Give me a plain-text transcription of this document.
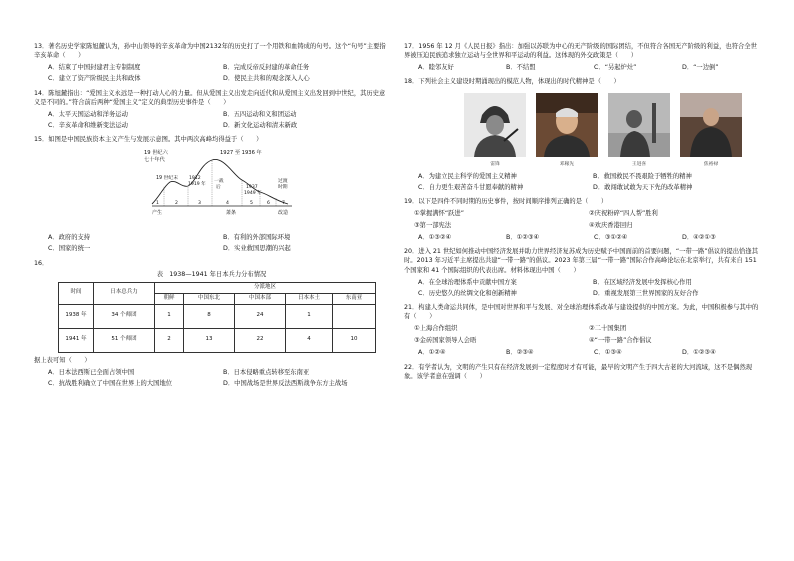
13．著名历史学家陈旭麓认为，孙中山领导的辛亥革命为中国2132年的历史打了一个用铁和血铸成的句号。这个“句号”主要指辛亥革命（　　）
A．结束了中国封建君主专制制度	B．完成反帝反封建的革命任务
C．建立了资产阶级民主共和政体	D．使民主共和的观念深入人心
14．陈旭麓指出：“爱国主义永远是一种打动人心的力量。但从爱国主义出发走向近代和从爱国主义出发回到中世纪，其历史意义是不同的。”符合前后两种“爱国主义”定义的典型历史事件是（　　）
A．太平天国运动和洋务运动	B．五四运动和义和团运动
C．辛亥革命和维新变法运动	D．新文化运动和清末新政
15．如图是中国民族资本主义产生与发展示意图。其中两次高峰均得益于（　　）
19 世纪六
七十年代
1927 至 1936 年
19 世纪末 1912
1919 年
一战
后	1937
1949 年
过渡
时期
1	2	3	4	5	6	7
产生	萧条	改造
A．政府的支持	B．有利的外部国际环境
C．国家的统一	D．实业救国思潮的兴起
16．
表　1938—1941 年日本兵力分布情况
时间	日本总兵力	分派地区				
		朝鲜	中国东北	中国本部	日本本土	东南亚
1938 年	34 个师团	1	8	24	1	
1941 年	51 个师团	2	13	22	4	10
据上表可知（　　）
A．日本法西斯已全面占领中国	B．日本侵略重点转移至东南亚
C．抗战胜利确立了中国在世界上的大国地位	D．中国战场是世界反法西斯战争东方主战场
17．1956 年 12 月《人民日报》指出：加强以苏联为中心的无产阶级的国际团结，不但符合各国无产阶级的利益，也符合全世界被压迫民族追求独立运动与全世界和平运动的利益。这体现的外交政策是（　　）
A．睦邻友好	B．不结盟	C．“另起炉灶”	D．“一边倒”
18．下列社会主义建设时期涌现出的模范人物，体现出的时代精神是（　　）
雷锋	邓稼先	王进喜	焦裕禄
A．为建立民主科学的爱国主义精神	B．救国救民不畏艰险于牺牲的精神
C．自力更生艰苦奋斗甘愿奉献的精神	D．敢闯敢试敢为天下先的改革精神
19．以下是四件不同时期的历史事件，按时间顺序排列正确的是（　　）
①掌握满怀“跃进”	②庆祝粉碎“四人帮”胜利
③第一部宪法	④欢庆香港回归
A．①③②④	B．①②③④	C．③①②④	D．④②①③
20．进入 21 世纪如何推动中国经济发展并助力世界经济复苏成为历史赋予中国面前的首要问题，“一带一路”倡议的提出恰逢其时。2013 年习近平主席提出共建“一带一路”的倡议。2023 年第三届“一带一路”国际合作高峰论坛在北京举行，共有来自 151 个国家和 41 个国际组织的代表出席。材料体现出中国（　　）
A．在全球治理体系中贡献中国方案	B．在区域经济发展中发挥核心作用
C．历史悠久的丝绸文化和创新精神	D．重视发展第三世界国家的友好合作
21．构建人类命运共同体，是中国对世界和平与发展、对全球治理体系改革与建设提供的中国方案。为此，中国积极参与其中的有（　　）
①上海合作组织	②二十国集团
③金砖国家领导人会晤	④“一带一路”合作倡议
A．①②④	B．②③④	C．①③④	D．①②③④
22．有学者认为，文明的产生只有在经济发展到一定程度时才有可能，最早的文明产生于四大古老的大河流域，这不是偶然现象。该学者意在强调（　　）
